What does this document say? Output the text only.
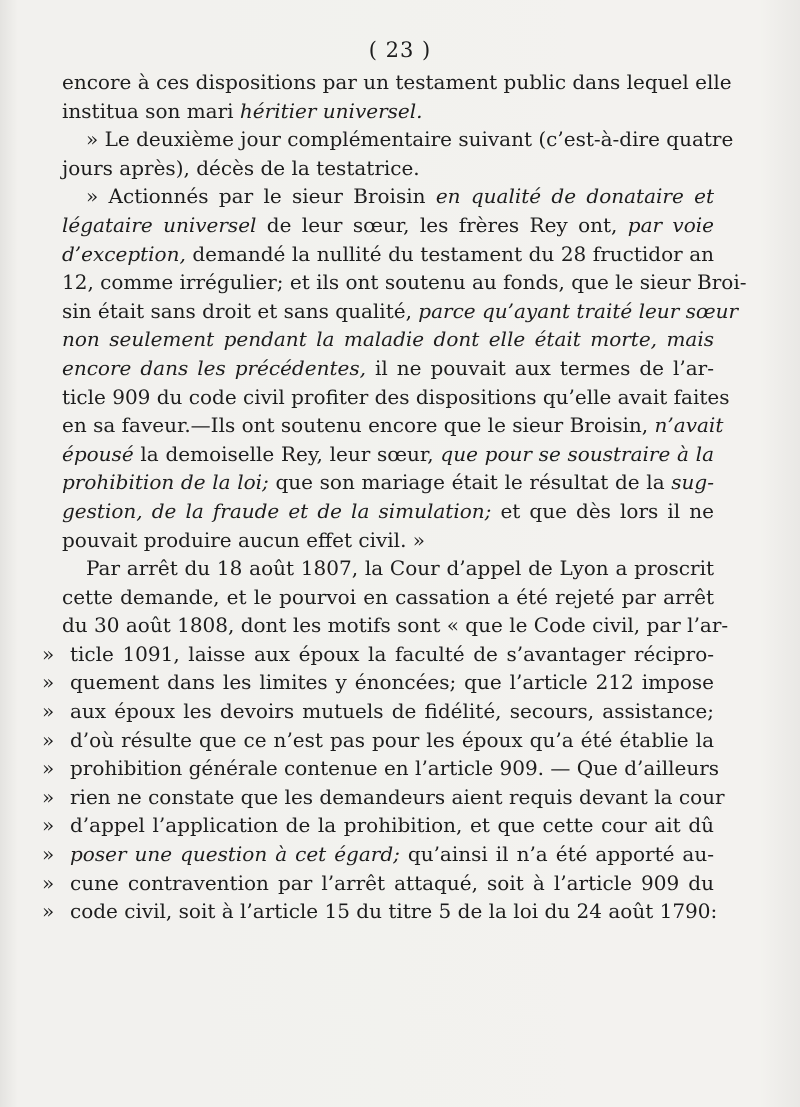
( 23 )
encore à ces dispositions par un testament public dans lequel elle
institua son mari héritier universel.
» Le deuxième jour complémentaire suivant (c’est-à-dire quatre
jours après), décès de la testatrice.
» Actionnés par le sieur Broisin en qualité de donataire et
légataire universel de leur sœur, les frères Rey ont, par voie
d’exception, demandé la nullité du testament du 28 fructidor an
12, comme irrégulier; et ils ont soutenu au fonds, que le sieur Broi-
sin était sans droit et sans qualité, parce qu’ayant traité leur sœur
non seulement pendant la maladie dont elle était morte, mais
encore dans les précédentes, il ne pouvait aux termes de l’ar-
ticle 909 du code civil profiter des dispositions qu’elle avait faites
en sa faveur.—Ils ont soutenu encore que le sieur Broisin, n’avait
épousé la demoiselle Rey, leur sœur, que pour se soustraire à la
prohibition de la loi; que son mariage était le résultat de la sug-
gestion, de la fraude et de la simulation; et que dès lors il ne
pouvait produire aucun effet civil. »
Par arrêt du 18 août 1807, la Cour d’appel de Lyon a proscrit
cette demande, et le pourvoi en cassation a été rejeté par arrêt
du 30 août 1808, dont les motifs sont « que le Code civil, par l’ar-
» ticle 1091, laisse aux époux la faculté de s’avantager récipro-
» quement dans les limites y énoncées; que l’article 212 impose
» aux époux les devoirs mutuels de fidélité, secours, assistance;
» d’où résulte que ce n’est pas pour les époux qu’a été établie la
» prohibition générale contenue en l’article 909. — Que d’ailleurs
» rien ne constate que les demandeurs aient requis devant la cour
» d’appel l’application de la prohibition, et que cette cour ait dû
» poser une question à cet égard; qu’ainsi il n’a été apporté au-
» cune contravention par l’arrêt attaqué, soit à l’article 909 du
» code civil, soit à l’article 15 du titre 5 de la loi du 24 août 1790:
